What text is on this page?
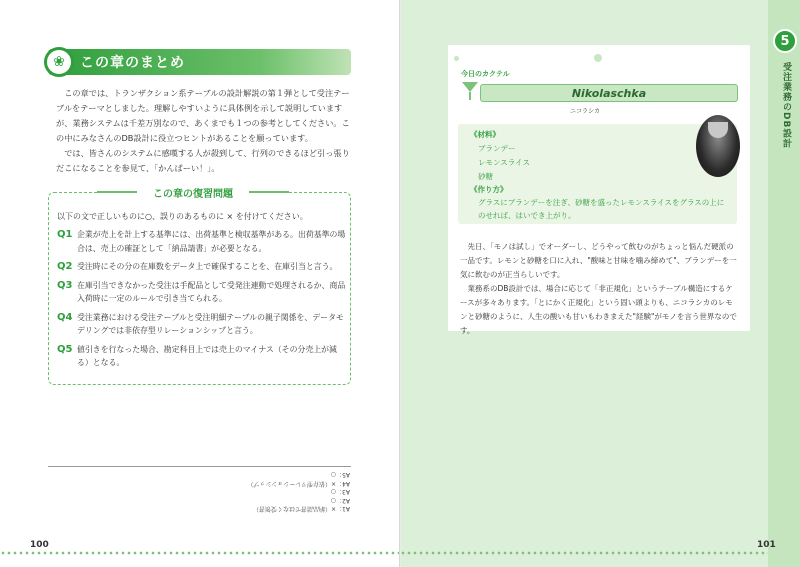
❀	この章のまとめ

この章では、トランザクション系テーブルの設計解説の第１弾として受注テーブルをテーマとしました。理解しやすいように具体例を示して説明していますが、業務システムは千差万別なので、あくまでも１つの参考としてください。この中にみなさんのDB設計に役立つヒントがあることを願っています。

では、皆さんのシステムに感嘆する人が殺到して、行列のできるほど引っ張りだこになることを参見て、「かんぱーい！」。

この章の復習問題
以下の文で正しいものに○、誤りのあるものに × を付けてください。
Q1 企業が売上を計上する基準には、出荷基準と検収基準がある。出荷基準の場合は、売上の確証として「納品請書」が必要となる。
Q2 受注時にその分の在庫数をデータ上で確保することを、在庫引当と言う。
Q3 在庫引当できなかった受注は手配品として受発注連動で処理されるか、商品入荷時に一定のルールで引き当てられる。
Q4 受注業務における受注テーブルと受注明細テーブルの親子関係を、データモデリングでは非依存型リレーションシップと言う。
Q5 値引きを行なった場合、勘定科目上では売上のマイナス（その分売上が減る）となる。
A1：×（納品請書ではなく受領書）
A2：○
A3：○
A4：×（依存型リレーションシップ）
A5：○
100
今日のカクテル
Nikolaschka
ニコラシカ
《材料》
ブランデー
レモンスライス
砂糖
《作り方》
グラスにブランデーを注ぎ、砂糖を盛ったレモンスライスをグラスの上にのせれば、はいでき上がり。

先日、「モノは試し」でオーダーし、どうやって飲むのがちょっと悩んだ硬派の一品です。レモンと砂糖を口に入れ、"酸味と甘味を噛み締めて"、ブランデーを一気に飲むのが正当らしいです。

業務系のDB設計では、場合に応じて「非正規化」というテーブル構造にするケースが多々あります。「とにかく正規化」という固い頭よりも、ニコラシカのレモンと砂糖のように、人生の酸いも甘いもわきまえた"経験"がモノを言う世界なのです。

5
受注業務のDB設計
101
